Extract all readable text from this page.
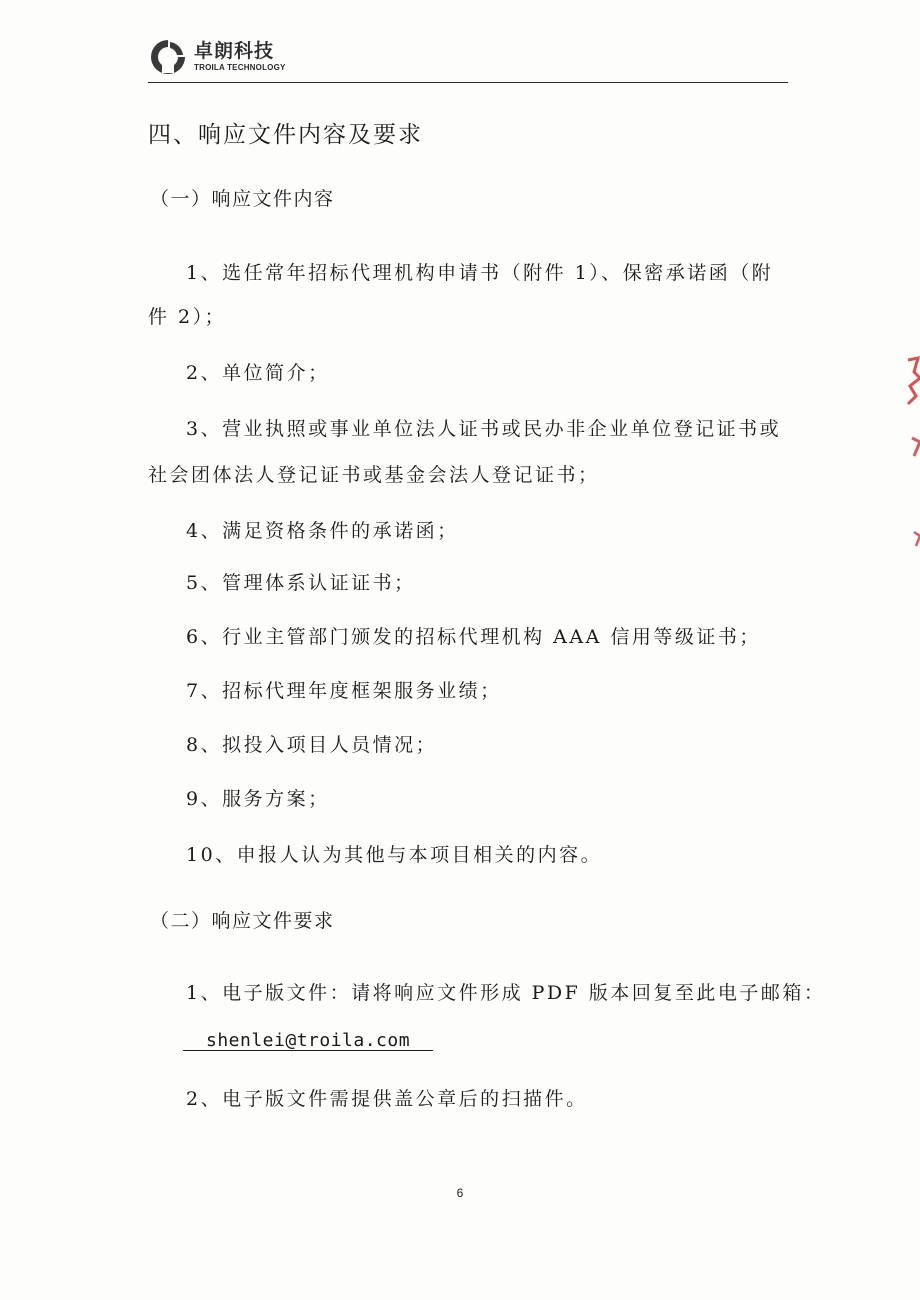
卓朗科技
TROILA TECHNOLOGY
四、响应文件内容及要求
（一）响应文件内容
1、选任常年招标代理机构申请书（附件 1）、保密承诺函（附
件 2）；
2、单位简介；
3、营业执照或事业单位法人证书或民办非企业单位登记证书或
社会团体法人登记证书或基金会法人登记证书；
4、满足资格条件的承诺函；
5、管理体系认证证书；
6、行业主管部门颁发的招标代理机构 AAA 信用等级证书；
7、招标代理年度框架服务业绩；
8、拟投入项目人员情况；
9、服务方案；
10、申报人认为其他与本项目相关的内容。
（二）响应文件要求
1、电子版文件：请将响应文件形成 PDF 版本回复至此电子邮箱：
shenlei@troila.com
2、电子版文件需提供盖公章后的扫描件。
6
